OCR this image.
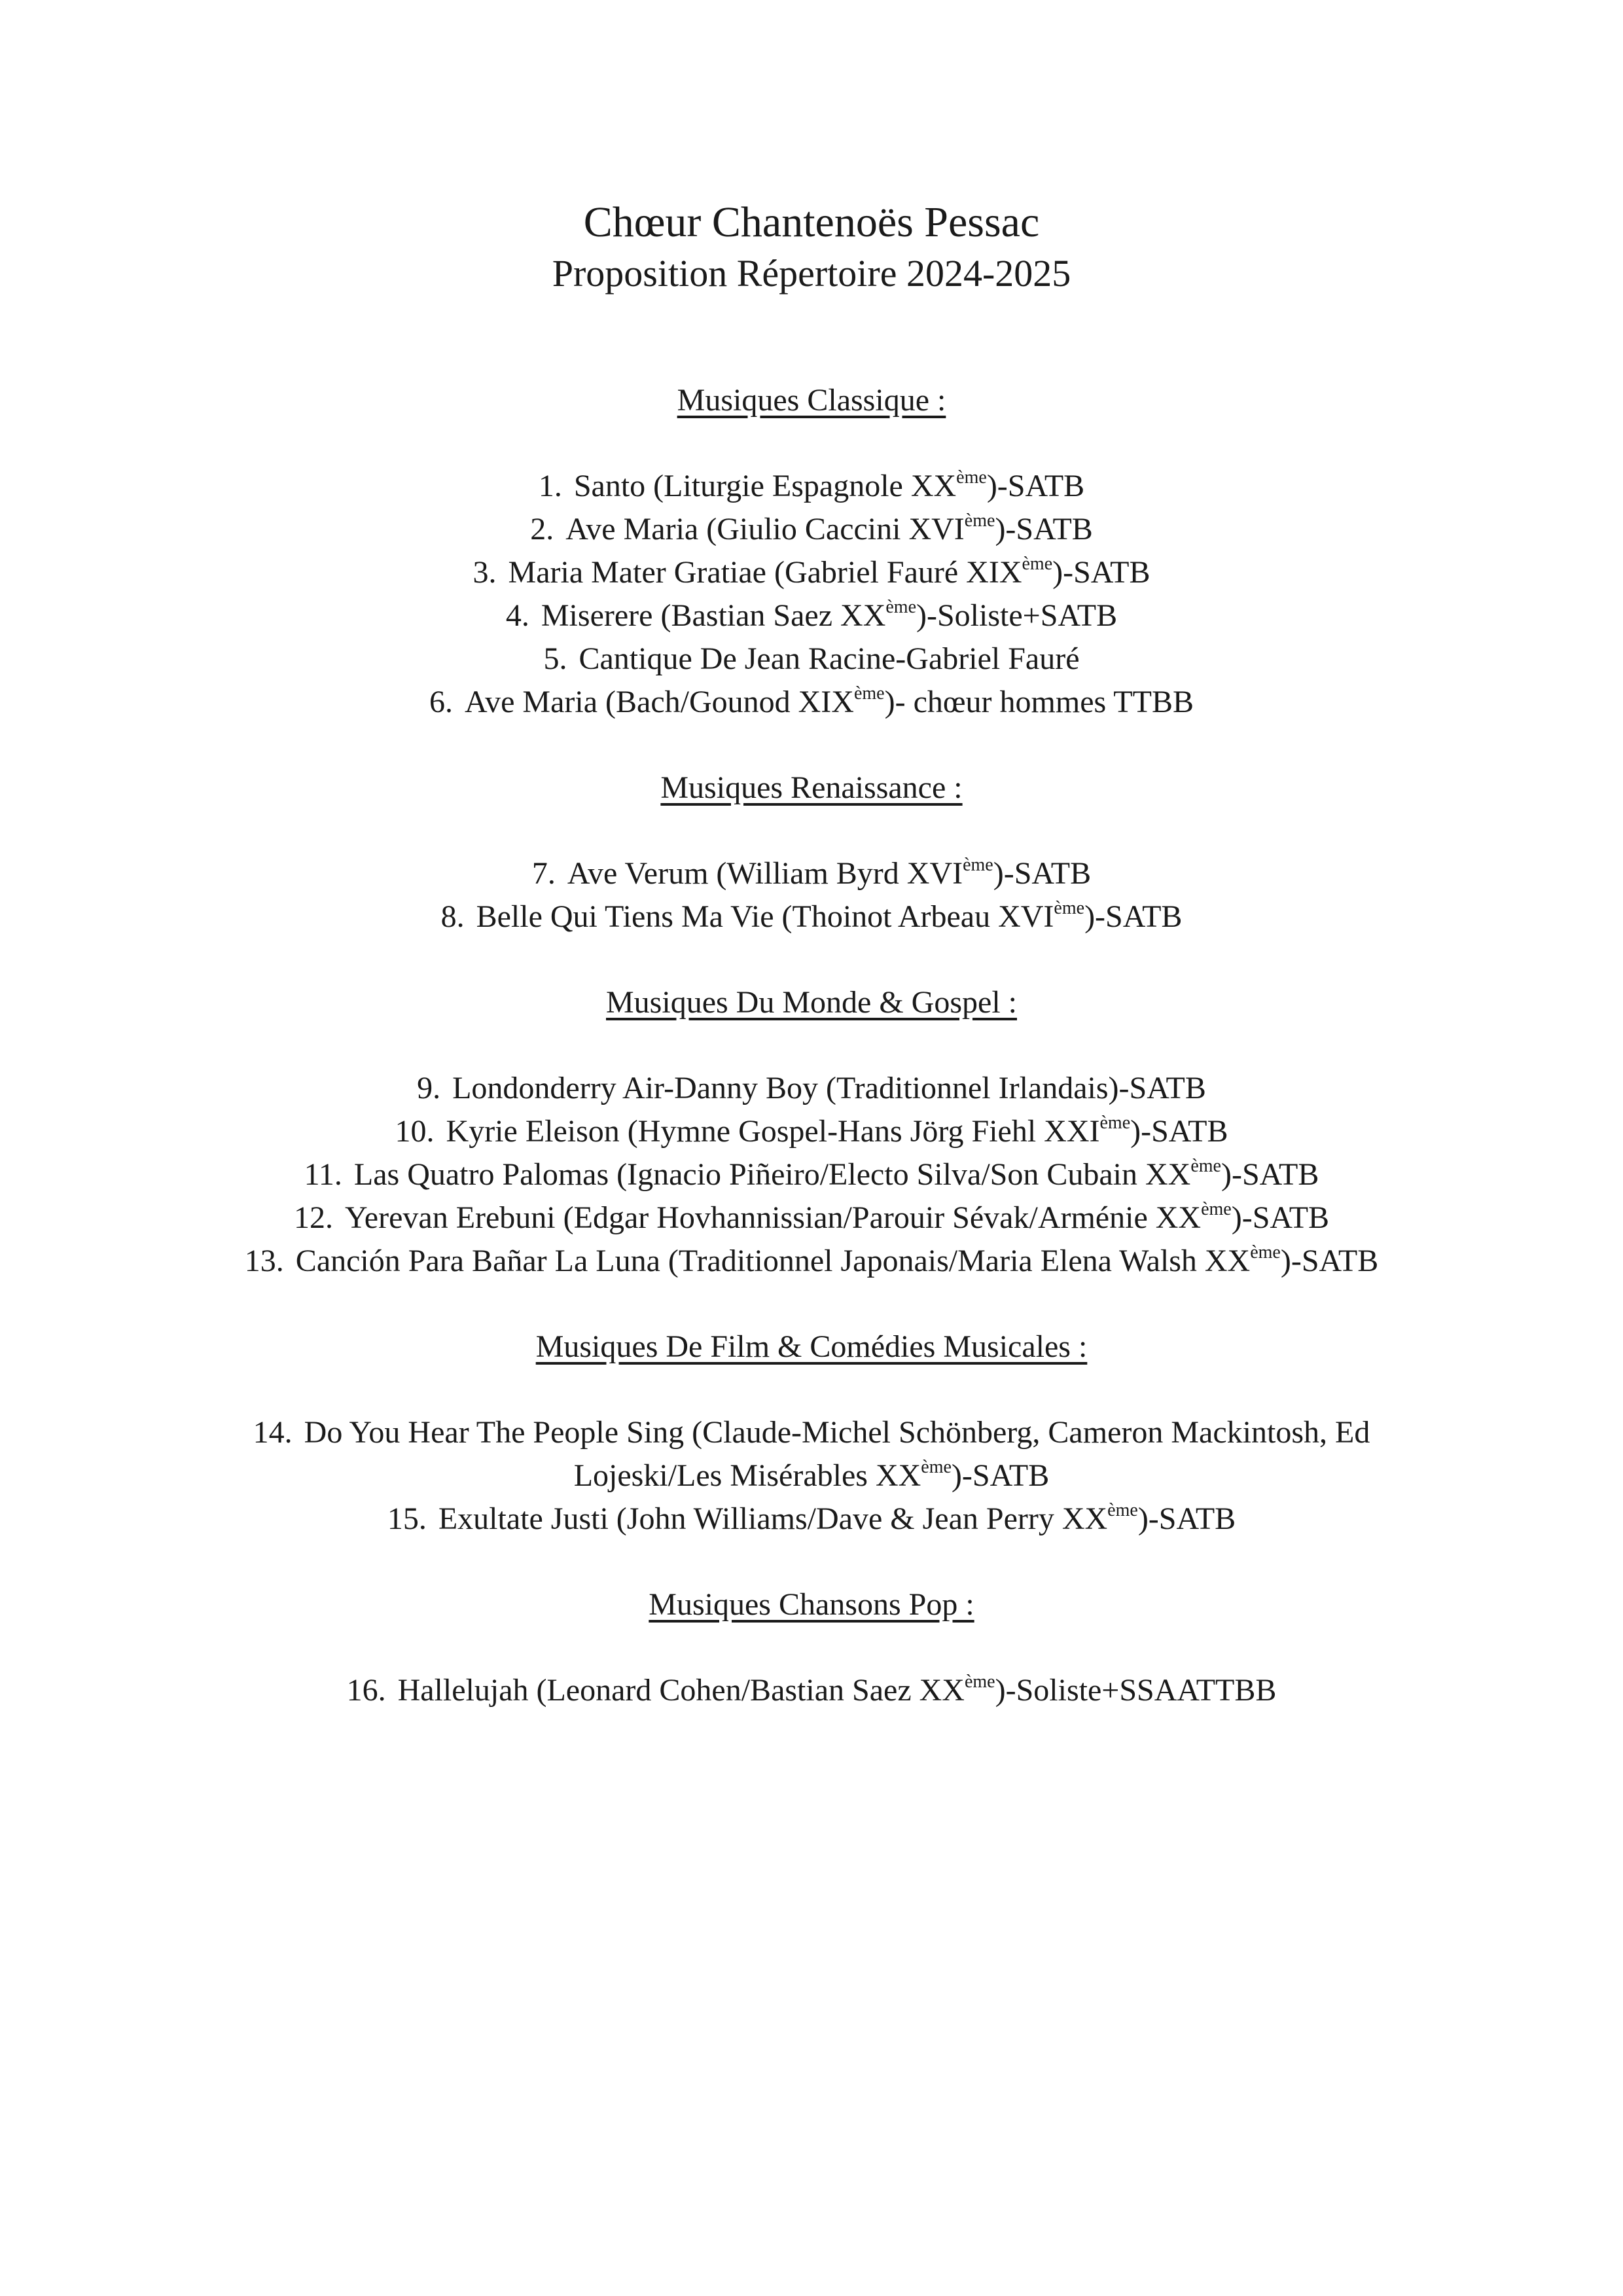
Chœur Chantenoës Pessac
Proposition Répertoire 2024-2025
Musiques Classique :
1. Santo (Liturgie Espagnole XXème)-SATB
2. Ave Maria (Giulio Caccini XVIème)-SATB
3. Maria Mater Gratiae (Gabriel Fauré XIXème)-SATB
4. Miserere (Bastian Saez XXème)-Soliste+SATB
5. Cantique De Jean Racine-Gabriel Fauré
6. Ave Maria (Bach/Gounod XIXème)- chœur hommes TTBB
Musiques Renaissance :
7. Ave Verum (William Byrd XVIème)-SATB
8. Belle Qui Tiens Ma Vie (Thoinot Arbeau XVIème)-SATB
Musiques Du Monde & Gospel :
9. Londonderry Air-Danny Boy (Traditionnel Irlandais)-SATB
10. Kyrie Eleison (Hymne Gospel-Hans Jörg Fiehl XXIème)-SATB
11. Las Quatro Palomas (Ignacio Piñeiro/Electo Silva/Son Cubain XXème)-SATB
12. Yerevan Erebuni (Edgar Hovhannissian/Parouir Sévak/Arménie XXème)-SATB
13. Canción Para Bañar La Luna (Traditionnel Japonais/Maria Elena Walsh XXème)-SATB
Musiques De Film & Comédies Musicales :
14. Do You Hear The People Sing (Claude-Michel Schönberg, Cameron Mackintosh, Ed Lojeski/Les Misérables XXème)-SATB
15. Exultate Justi (John Williams/Dave & Jean Perry XXème)-SATB
Musiques Chansons Pop :
16. Hallelujah (Leonard Cohen/Bastian Saez XXème)-Soliste+SSAATTBB
